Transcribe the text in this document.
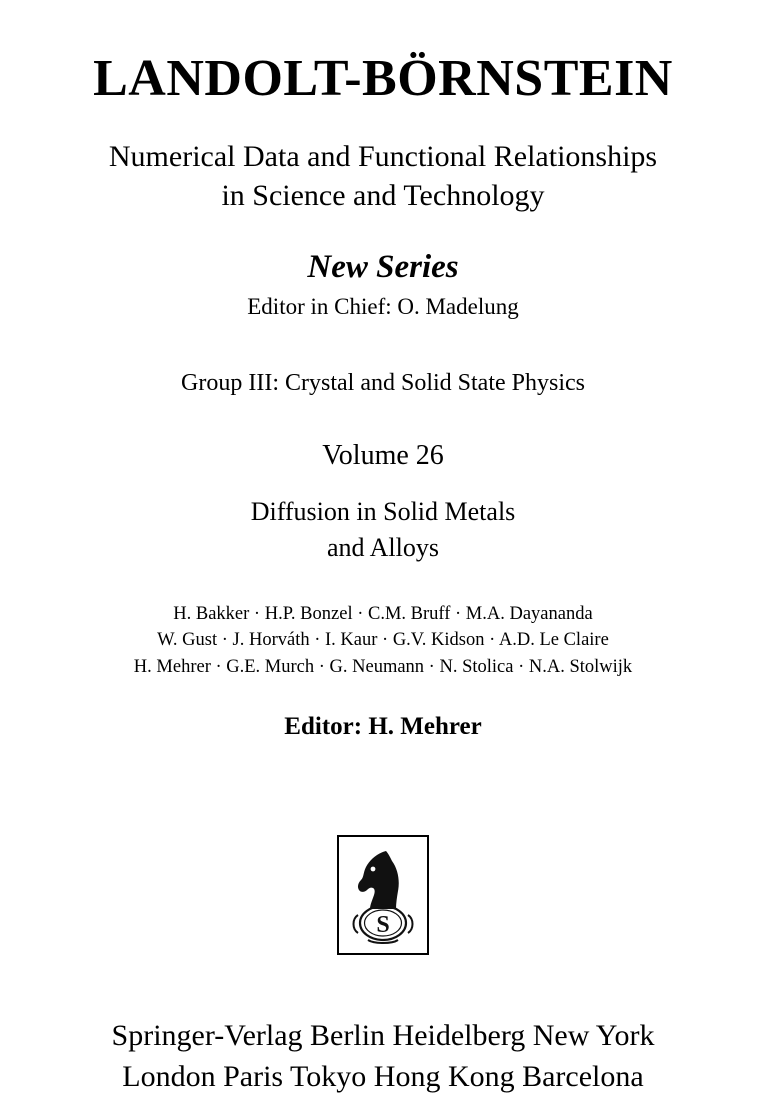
LANDOLT-BÖRNSTEIN
Numerical Data and Functional Relationships
in Science and Technology
New Series
Editor in Chief: O. Madelung
Group III: Crystal and Solid State Physics
Volume 26
Diffusion in Solid Metals
and Alloys
H. Bakker · H.P. Bonzel · C.M. Bruff · M.A. Dayananda
W. Gust · J. Horváth · I. Kaur · G.V. Kidson · A.D. Le Claire
H. Mehrer · G.E. Murch · G. Neumann · N. Stolica · N.A. Stolwijk
Editor: H. Mehrer
S
Springer-Verlag Berlin Heidelberg New York
London Paris Tokyo Hong Kong Barcelona
